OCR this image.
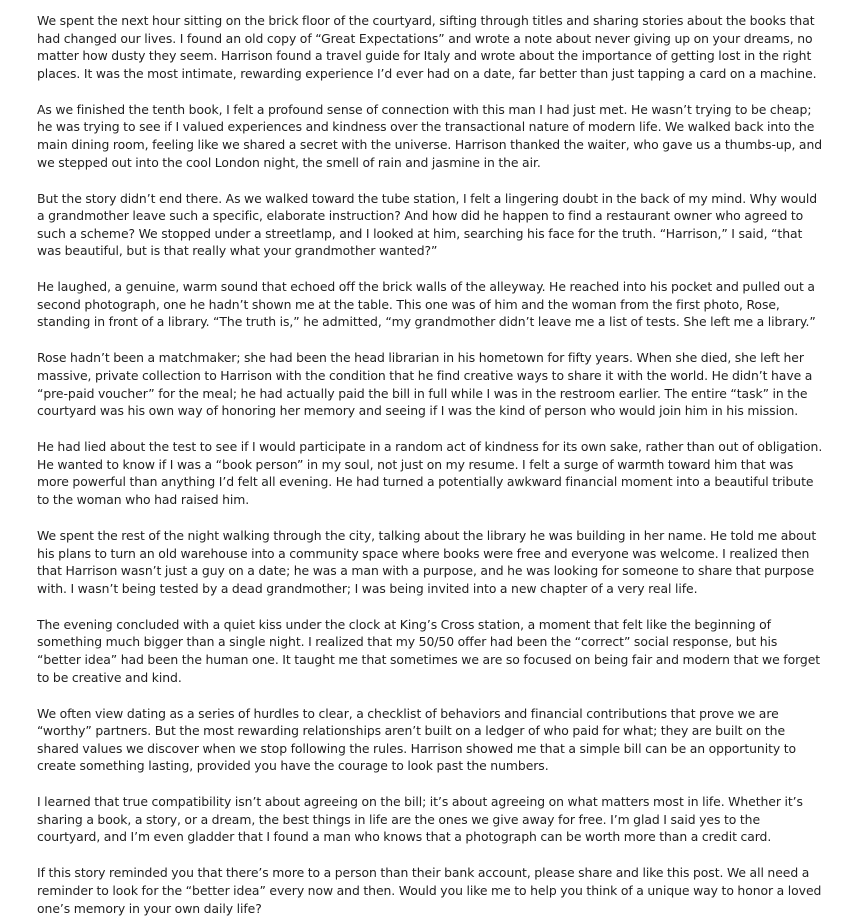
We spent the next hour sitting on the brick floor of the courtyard, sifting through titles and sharing stories about the books that had changed our lives. I found an old copy of “Great Expectations” and wrote a note about never giving up on your dreams, no matter how dusty they seem. Harrison found a travel guide for Italy and wrote about the importance of getting lost in the right places. It was the most intimate, rewarding experience I’d ever had on a date, far better than just tapping a card on a machine.

As we finished the tenth book, I felt a profound sense of connection with this man I had just met. He wasn’t trying to be cheap; he was trying to see if I valued experiences and kindness over the transactional nature of modern life. We walked back into the main dining room, feeling like we shared a secret with the universe. Harrison thanked the waiter, who gave us a thumbs-up, and we stepped out into the cool London night, the smell of rain and jasmine in the air.

But the story didn’t end there. As we walked toward the tube station, I felt a lingering doubt in the back of my mind. Why would a grandmother leave such a specific, elaborate instruction? And how did he happen to find a restaurant owner who agreed to such a scheme? We stopped under a streetlamp, and I looked at him, searching his face for the truth. “Harrison,” I said, “that was beautiful, but is that really what your grandmother wanted?”

He laughed, a genuine, warm sound that echoed off the brick walls of the alleyway. He reached into his pocket and pulled out a second photograph, one he hadn’t shown me at the table. This one was of him and the woman from the first photo, Rose, standing in front of a library. “The truth is,” he admitted, “my grandmother didn’t leave me a list of tests. She left me a library.”

Rose hadn’t been a matchmaker; she had been the head librarian in his hometown for fifty years. When she died, she left her massive, private collection to Harrison with the condition that he find creative ways to share it with the world. He didn’t have a “pre-paid voucher” for the meal; he had actually paid the bill in full while I was in the restroom earlier. The entire “task” in the courtyard was his own way of honoring her memory and seeing if I was the kind of person who would join him in his mission.

He had lied about the test to see if I would participate in a random act of kindness for its own sake, rather than out of obligation. He wanted to know if I was a “book person” in my soul, not just on my resume. I felt a surge of warmth toward him that was more powerful than anything I’d felt all evening. He had turned a potentially awkward financial moment into a beautiful tribute to the woman who had raised him.

We spent the rest of the night walking through the city, talking about the library he was building in her name. He told me about his plans to turn an old warehouse into a community space where books were free and everyone was welcome. I realized then that Harrison wasn’t just a guy on a date; he was a man with a purpose, and he was looking for someone to share that purpose with. I wasn’t being tested by a dead grandmother; I was being invited into a new chapter of a very real life.

The evening concluded with a quiet kiss under the clock at King’s Cross station, a moment that felt like the beginning of something much bigger than a single night. I realized that my 50/50 offer had been the “correct” social response, but his “better idea” had been the human one. It taught me that sometimes we are so focused on being fair and modern that we forget to be creative and kind.

We often view dating as a series of hurdles to clear, a checklist of behaviors and financial contributions that prove we are “worthy” partners. But the most rewarding relationships aren’t built on a ledger of who paid for what; they are built on the shared values we discover when we stop following the rules. Harrison showed me that a simple bill can be an opportunity to create something lasting, provided you have the courage to look past the numbers.

I learned that true compatibility isn’t about agreeing on the bill; it’s about agreeing on what matters most in life. Whether it’s sharing a book, a story, or a dream, the best things in life are the ones we give away for free. I’m glad I said yes to the courtyard, and I’m even gladder that I found a man who knows that a photograph can be worth more than a credit card.

If this story reminded you that there’s more to a person than their bank account, please share and like this post. We all need a reminder to look for the “better idea” every now and then. Would you like me to help you think of a unique way to honor a loved one’s memory in your own daily life?
